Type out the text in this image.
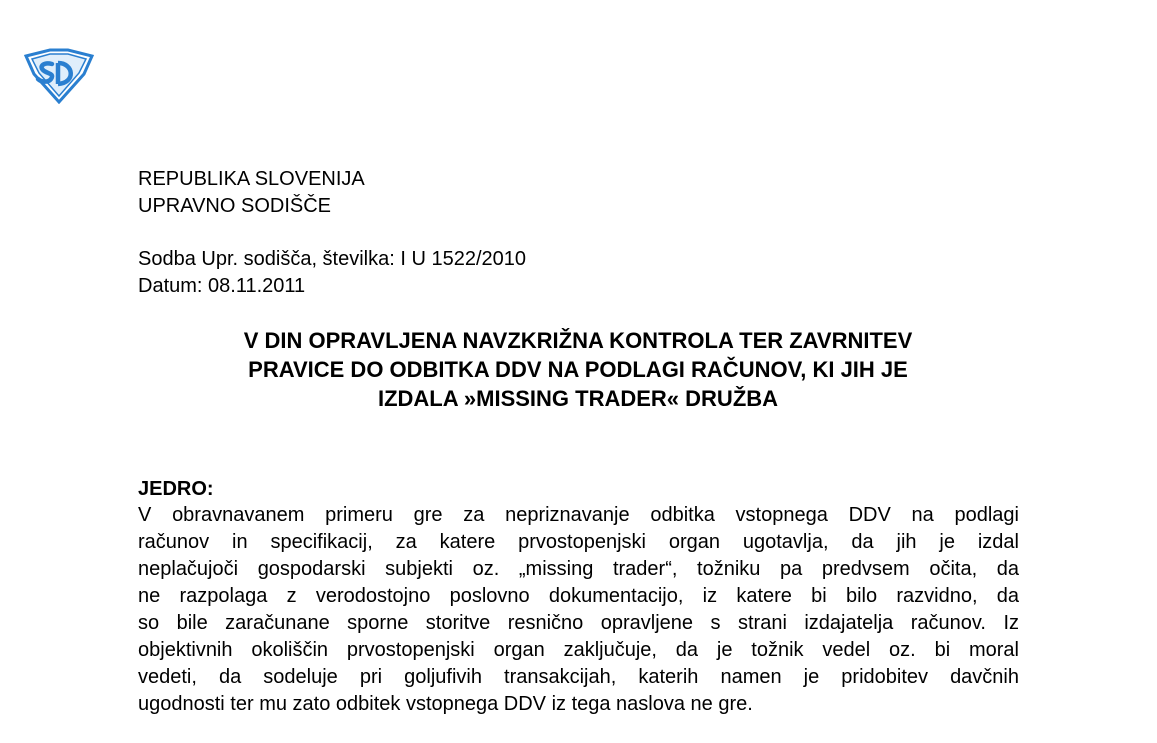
REPUBLIKA SLOVENIJA
UPRAVNO SODIŠČE
Sodba Upr. sodišča, številka: I U 1522/2010
Datum: 08.11.2011
V DIN OPRAVLJENA NAVZKRIŽNA KONTROLA TER ZAVRNITEV
PRAVICE DO ODBITKA DDV NA PODLAGI RAČUNOV, KI JIH JE
IZDALA »MISSING TRADER« DRUŽBA
JEDRO:
V obravnavanem primeru gre za nepriznavanje odbitka vstopnega DDV na podlagi
računov in specifikacij, za katere prvostopenjski organ ugotavlja, da jih je izdal
neplačujoči gospodarski subjekti oz. „missing trader“, tožniku pa predvsem očita, da
ne razpolaga z verodostojno poslovno dokumentacijo, iz katere bi bilo razvidno, da
so bile zaračunane sporne storitve resnično opravljene s strani izdajatelja računov. Iz
objektivnih okoliščin prvostopenjski organ zaključuje, da je tožnik vedel oz. bi moral
vedeti, da sodeluje pri goljufivih transakcijah, katerih namen je pridobitev davčnih
ugodnosti ter mu zato odbitek vstopnega DDV iz tega naslova ne gre.
